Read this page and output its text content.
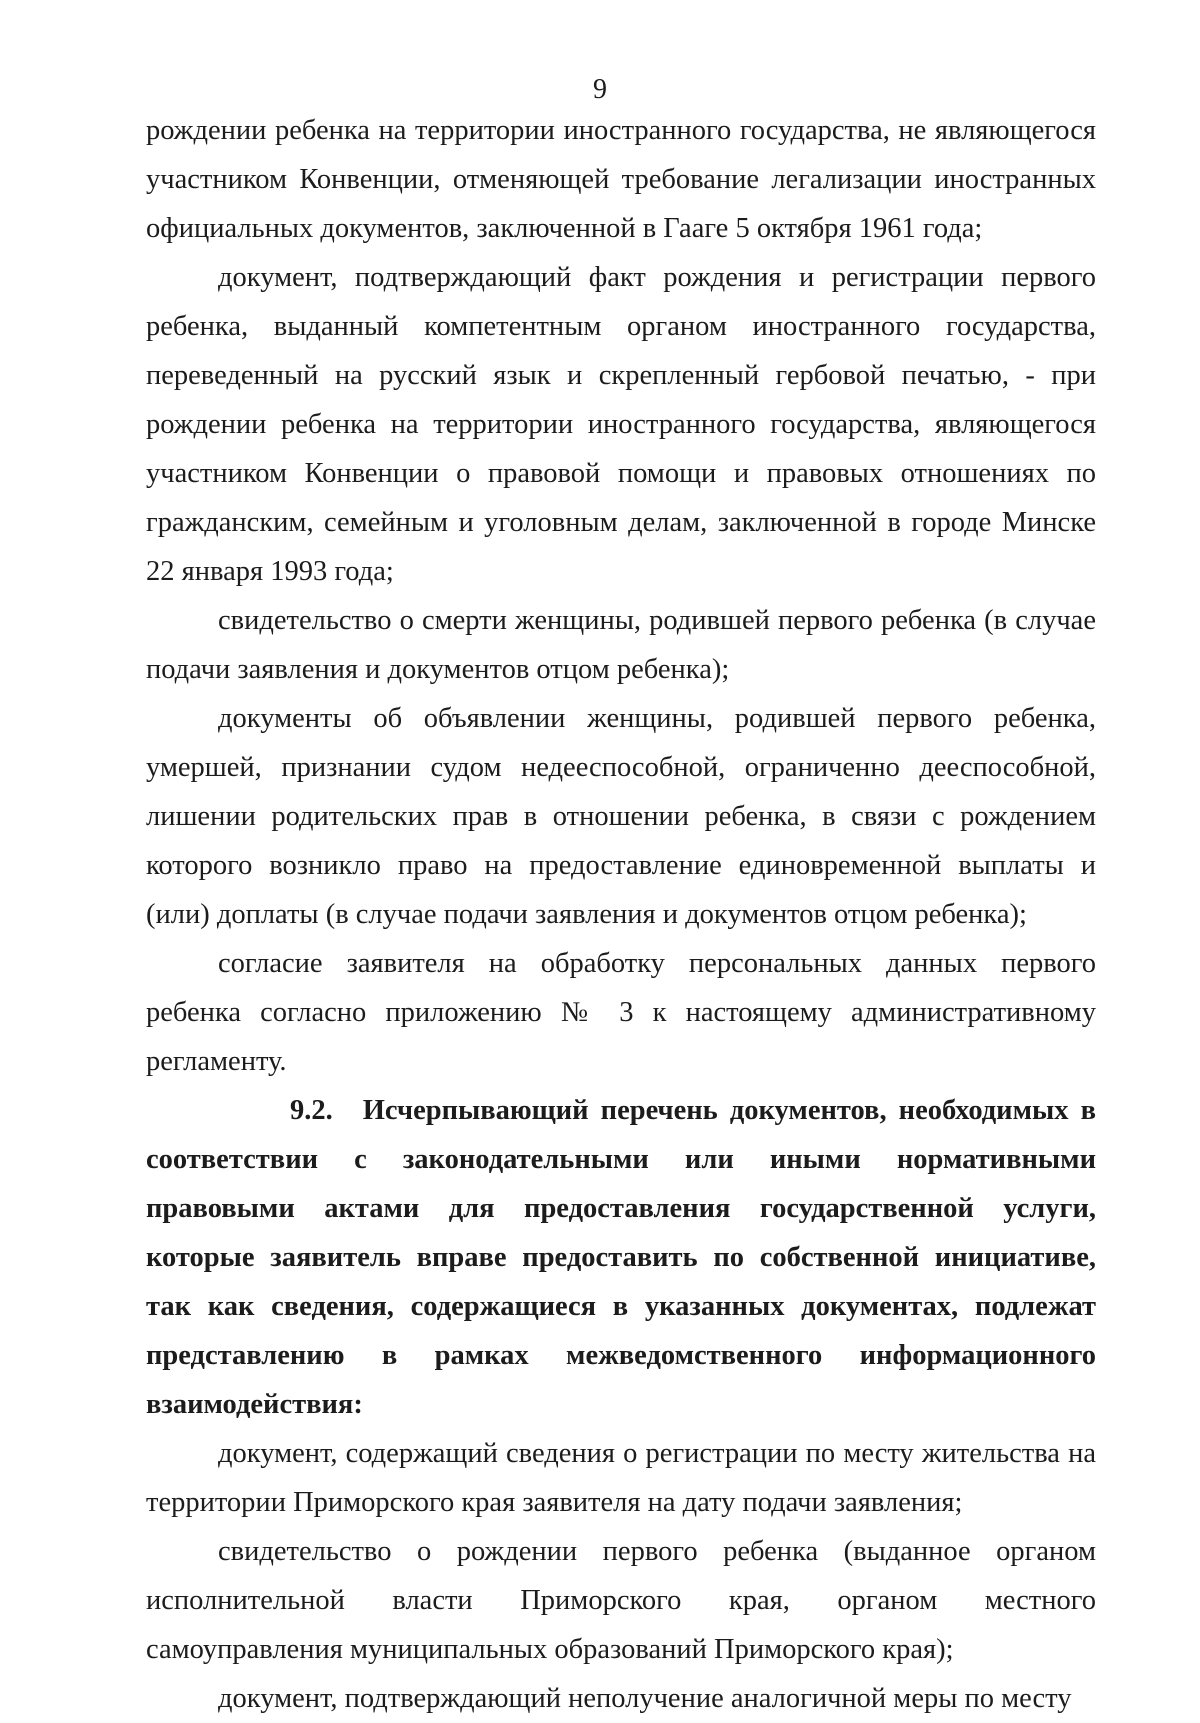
9

рождении ребенка на территории иностранного государства, не являющегося участником Конвенции, отменяющей требование легализации иностранных официальных документов, заключенной в Гааге 5 октября 1961 года;

документ, подтверждающий факт рождения и регистрации первого ребенка, выданный компетентным органом иностранного государства, переведенный на русский язык и скрепленный гербовой печатью, - при рождении ребенка на территории иностранного государства, являющегося участником Конвенции о правовой помощи и правовых отношениях по гражданским, семейным и уголовным делам, заключенной в городе Минске 22 января 1993 года;

свидетельство о смерти женщины, родившей первого ребенка (в случае подачи заявления и документов отцом ребенка);

документы об объявлении женщины, родившей первого ребенка, умершей, признании судом недееспособной, ограниченно дееспособной, лишении родительских прав в отношении ребенка, в связи с рождением которого возникло право на предоставление единовременной выплаты и (или) доплаты (в случае подачи заявления и документов отцом ребенка);

согласие заявителя на обработку персональных данных первого ребенка согласно приложению № 3 к настоящему административному регламенту.

9.2. Исчерпывающий перечень документов, необходимых в соответствии с законодательными или иными нормативными правовыми актами для предоставления государственной услуги, которые заявитель вправе предоставить по собственной инициативе, так как сведения, содержащиеся в указанных документах, подлежат представлению в рамках межведомственного информационного взаимодействия:

документ, содержащий сведения о регистрации по месту жительства на территории Приморского края заявителя на дату подачи заявления;

свидетельство о рождении первого ребенка (выданное органом исполнительной власти Приморского края, органом местного самоуправления муниципальных образований Приморского края);

документ, подтверждающий неполучение аналогичной меры по месту
